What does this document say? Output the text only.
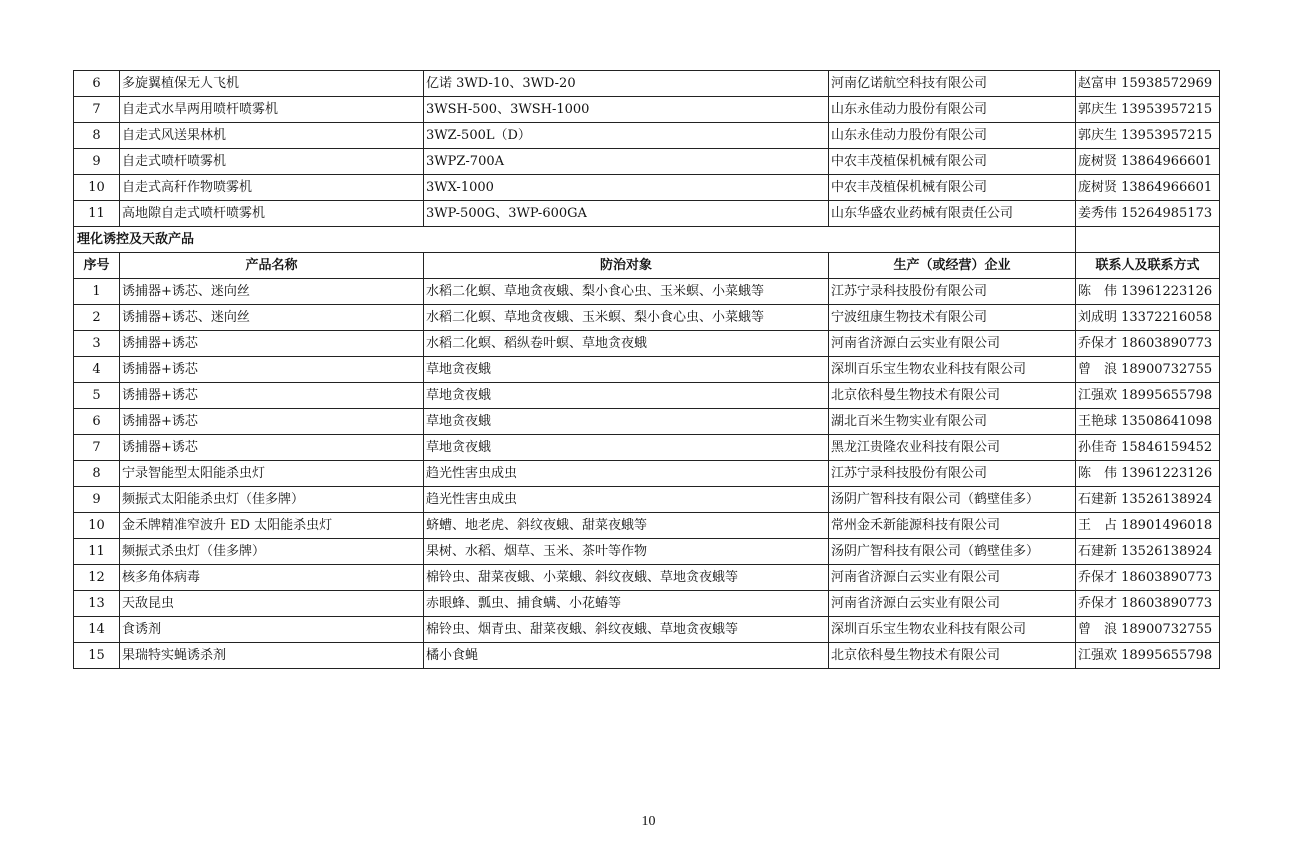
6	多旋翼植保无人飞机	亿诺 3WD-10、3WD-20	河南亿诺航空科技有限公司	赵富申 15938572969
7	自走式水旱两用喷杆喷雾机	3WSH-500、3WSH-1000	山东永佳动力股份有限公司	郭庆生 13953957215
8	自走式风送果林机	3WZ-500L（D）	山东永佳动力股份有限公司	郭庆生 13953957215
9	自走式喷杆喷雾机	3WPZ-700A	中农丰茂植保机械有限公司	庞树贤 13864966601
10	自走式高秆作物喷雾机	3WX-1000	中农丰茂植保机械有限公司	庞树贤 13864966601
11	高地隙自走式喷杆喷雾机	3WP-500G、3WP-600GA	山东华盛农业药械有限责任公司	姜秀伟 15264985173
理化诱控及天敌产品				
序号	产品名称	防治对象	生产（或经营）企业	联系人及联系方式
1	诱捕器+诱芯、迷向丝	水稻二化螟、草地贪夜蛾、梨小食心虫、玉米螟、小菜蛾等	江苏宁录科技股份有限公司	陈　伟 13961223126
2	诱捕器+诱芯、迷向丝	水稻二化螟、草地贪夜蛾、玉米螟、梨小食心虫、小菜蛾等	宁波纽康生物技术有限公司	刘成明 13372216058
3	诱捕器+诱芯	水稻二化螟、稻纵卷叶螟、草地贪夜蛾	河南省济源白云实业有限公司	乔保才 18603890773
4	诱捕器+诱芯	草地贪夜蛾	深圳百乐宝生物农业科技有限公司	曾　浪 18900732755
5	诱捕器+诱芯	草地贪夜蛾	北京依科曼生物技术有限公司	江强欢 18995655798
6	诱捕器+诱芯	草地贪夜蛾	湖北百米生物实业有限公司	王艳球 13508641098
7	诱捕器+诱芯	草地贪夜蛾	黑龙江贵隆农业科技有限公司	孙佳奇 15846159452
8	宁录智能型太阳能杀虫灯	趋光性害虫成虫	江苏宁录科技股份有限公司	陈　伟 13961223126
9	频振式太阳能杀虫灯（佳多牌）	趋光性害虫成虫	汤阴广智科技有限公司（鹤壁佳多）	石建新 13526138924
10	金禾牌精准窄波升 ED 太阳能杀虫灯	蛴螬、地老虎、斜纹夜蛾、甜菜夜蛾等	常州金禾新能源科技有限公司	王　占 18901496018
11	频振式杀虫灯（佳多牌）	果树、水稻、烟草、玉米、茶叶等作物	汤阴广智科技有限公司（鹤壁佳多）	石建新 13526138924
12	核多角体病毒	棉铃虫、甜菜夜蛾、小菜蛾、斜纹夜蛾、草地贪夜蛾等	河南省济源白云实业有限公司	乔保才 18603890773
13	天敌昆虫	赤眼蜂、瓢虫、捕食螨、小花蝽等	河南省济源白云实业有限公司	乔保才 18603890773
14	食诱剂	棉铃虫、烟青虫、甜菜夜蛾、斜纹夜蛾、草地贪夜蛾等	深圳百乐宝生物农业科技有限公司	曾　浪 18900732755
15	果瑞特实蝇诱杀剂	橘小食蝇	北京依科曼生物技术有限公司	江强欢 18995655798
10
